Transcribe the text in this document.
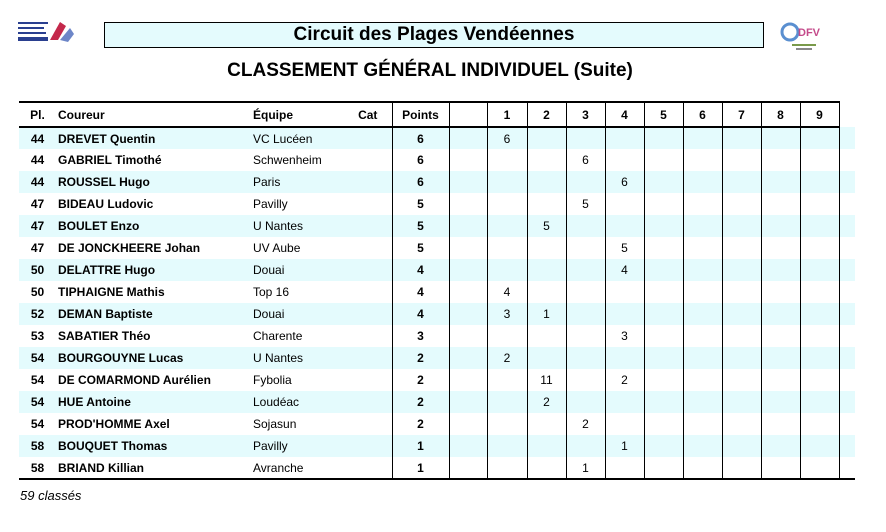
Circuit des Plages Vendéennes	DFV
CLASSEMENT GÉNÉRAL INDIVIDUEL (Suite)
Pl.	Coureur	Équipe	Cat	Points		1	2	3	4	5	6	7	8	9	
44	DREVET Quentin	VC Lucéen		6		6									
44	GABRIEL Timothé	Schwenheim		6				6							
44	ROUSSEL Hugo	Paris		6					6						
47	BIDEAU Ludovic	Pavilly		5				5							
47	BOULET Enzo	U Nantes		5			5								
47	DE JONCKHEERE Johan	UV Aube		5					5						
50	DELATTRE Hugo	Douai		4					4						
50	TIPHAIGNE Mathis	Top 16		4		4									
52	DEMAN Baptiste	Douai		4		3	1								
53	SABATIER Théo	Charente		3					3						
54	BOURGOUYNE Lucas	U Nantes		2		2									
54	DE COMARMOND Aurélien	Fybolia		2			11		2						
54	HUE Antoine	Loudéac		2			2								
54	PROD'HOMME Axel	Sojasun		2				2							
58	BOUQUET Thomas	Pavilly		1					1						
58	BRIAND Killian	Avranche		1				1							
59 classés
